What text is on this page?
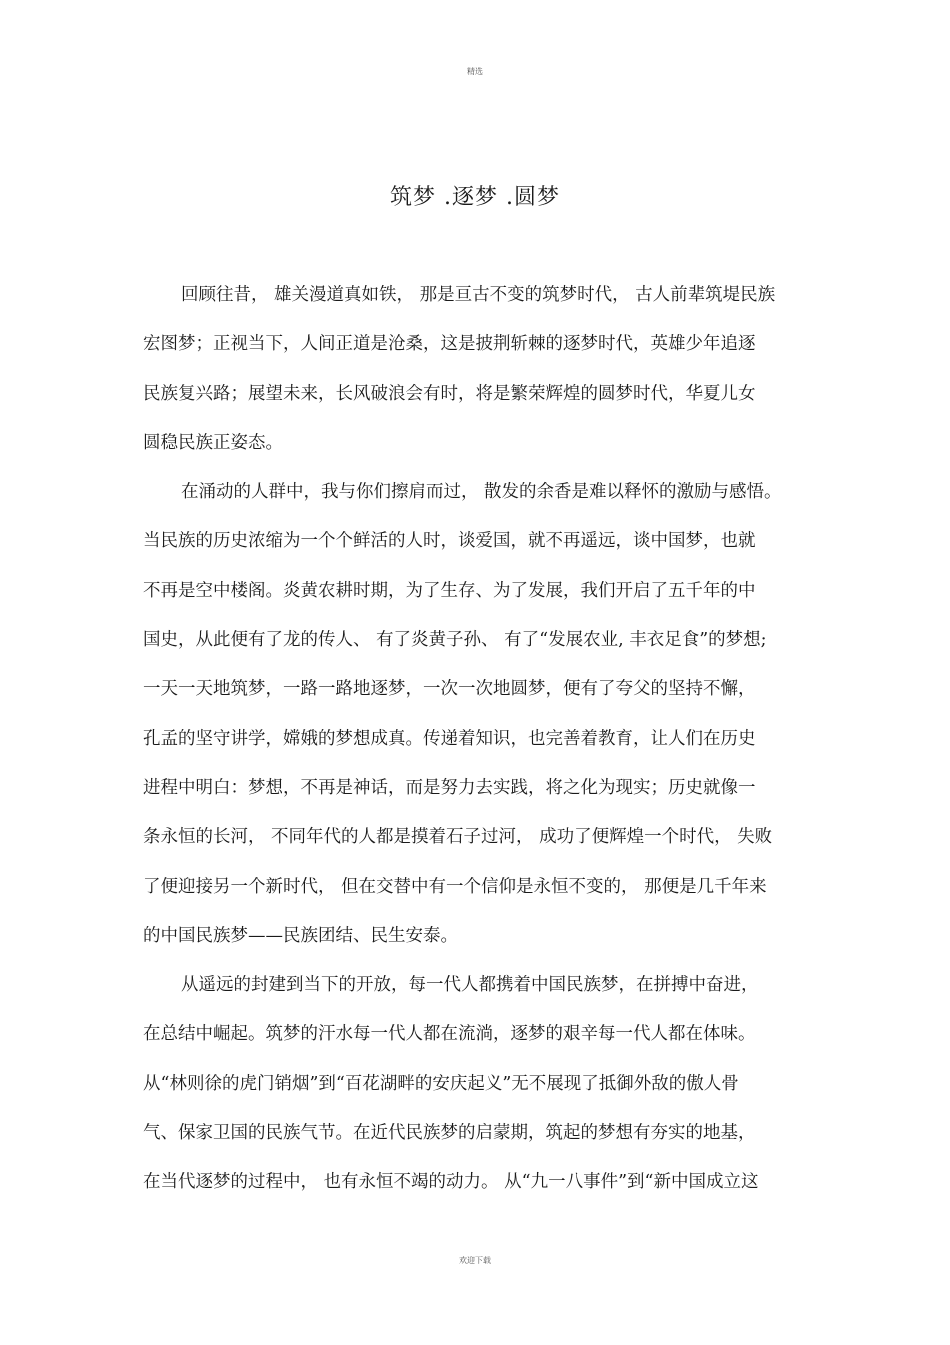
精选
筑梦 .逐梦 .圆梦
回顾往昔， 雄关漫道真如铁， 那是亘古不变的筑梦时代， 古人前辈筑堤民族
宏图梦；正视当下，人间正道是沧桑，这是披荆斩棘的逐梦时代，英雄少年追逐
民族复兴路；展望未来，长风破浪会有时，将是繁荣辉煌的圆梦时代，华夏儿女
圆稳民族正姿态。
在涌动的人群中，我与你们擦肩而过， 散发的余香是难以释怀的激励与感悟。
当民族的历史浓缩为一个个鲜活的人时，谈爱国，就不再遥远，谈中国梦，也就
不再是空中楼阁。炎黄农耕时期，为了生存、为了发展，我们开启了五千年的中
国史，从此便有了龙的传人、 有了炎黄子孙、 有了“发展农业, 丰衣足食”的梦想;
一天一天地筑梦，一路一路地逐梦，一次一次地圆梦，便有了夸父的坚持不懈，
孔孟的坚守讲学，嫦娥的梦想成真。传递着知识，也完善着教育，让人们在历史
进程中明白：梦想，不再是神话，而是努力去实践，将之化为现实；历史就像一
条永恒的长河， 不同年代的人都是摸着石子过河， 成功了便辉煌一个时代， 失败
了便迎接另一个新时代， 但在交替中有一个信仰是永恒不变的， 那便是几千年来
的中国民族梦——民族团结、民生安泰。
从遥远的封建到当下的开放，每一代人都携着中国民族梦，在拼搏中奋进，
在总结中崛起。筑梦的汗水每一代人都在流淌，逐梦的艰辛每一代人都在体味。
从“林则徐的虎门销烟”到“百花湖畔的安庆起义”无不展现了抵御外敌的傲人骨
气、保家卫国的民族气节。在近代民族梦的启蒙期，筑起的梦想有夯实的地基，
在当代逐梦的过程中， 也有永恒不竭的动力。 从“九一八事件”到“新中国成立这
欢迎下载
